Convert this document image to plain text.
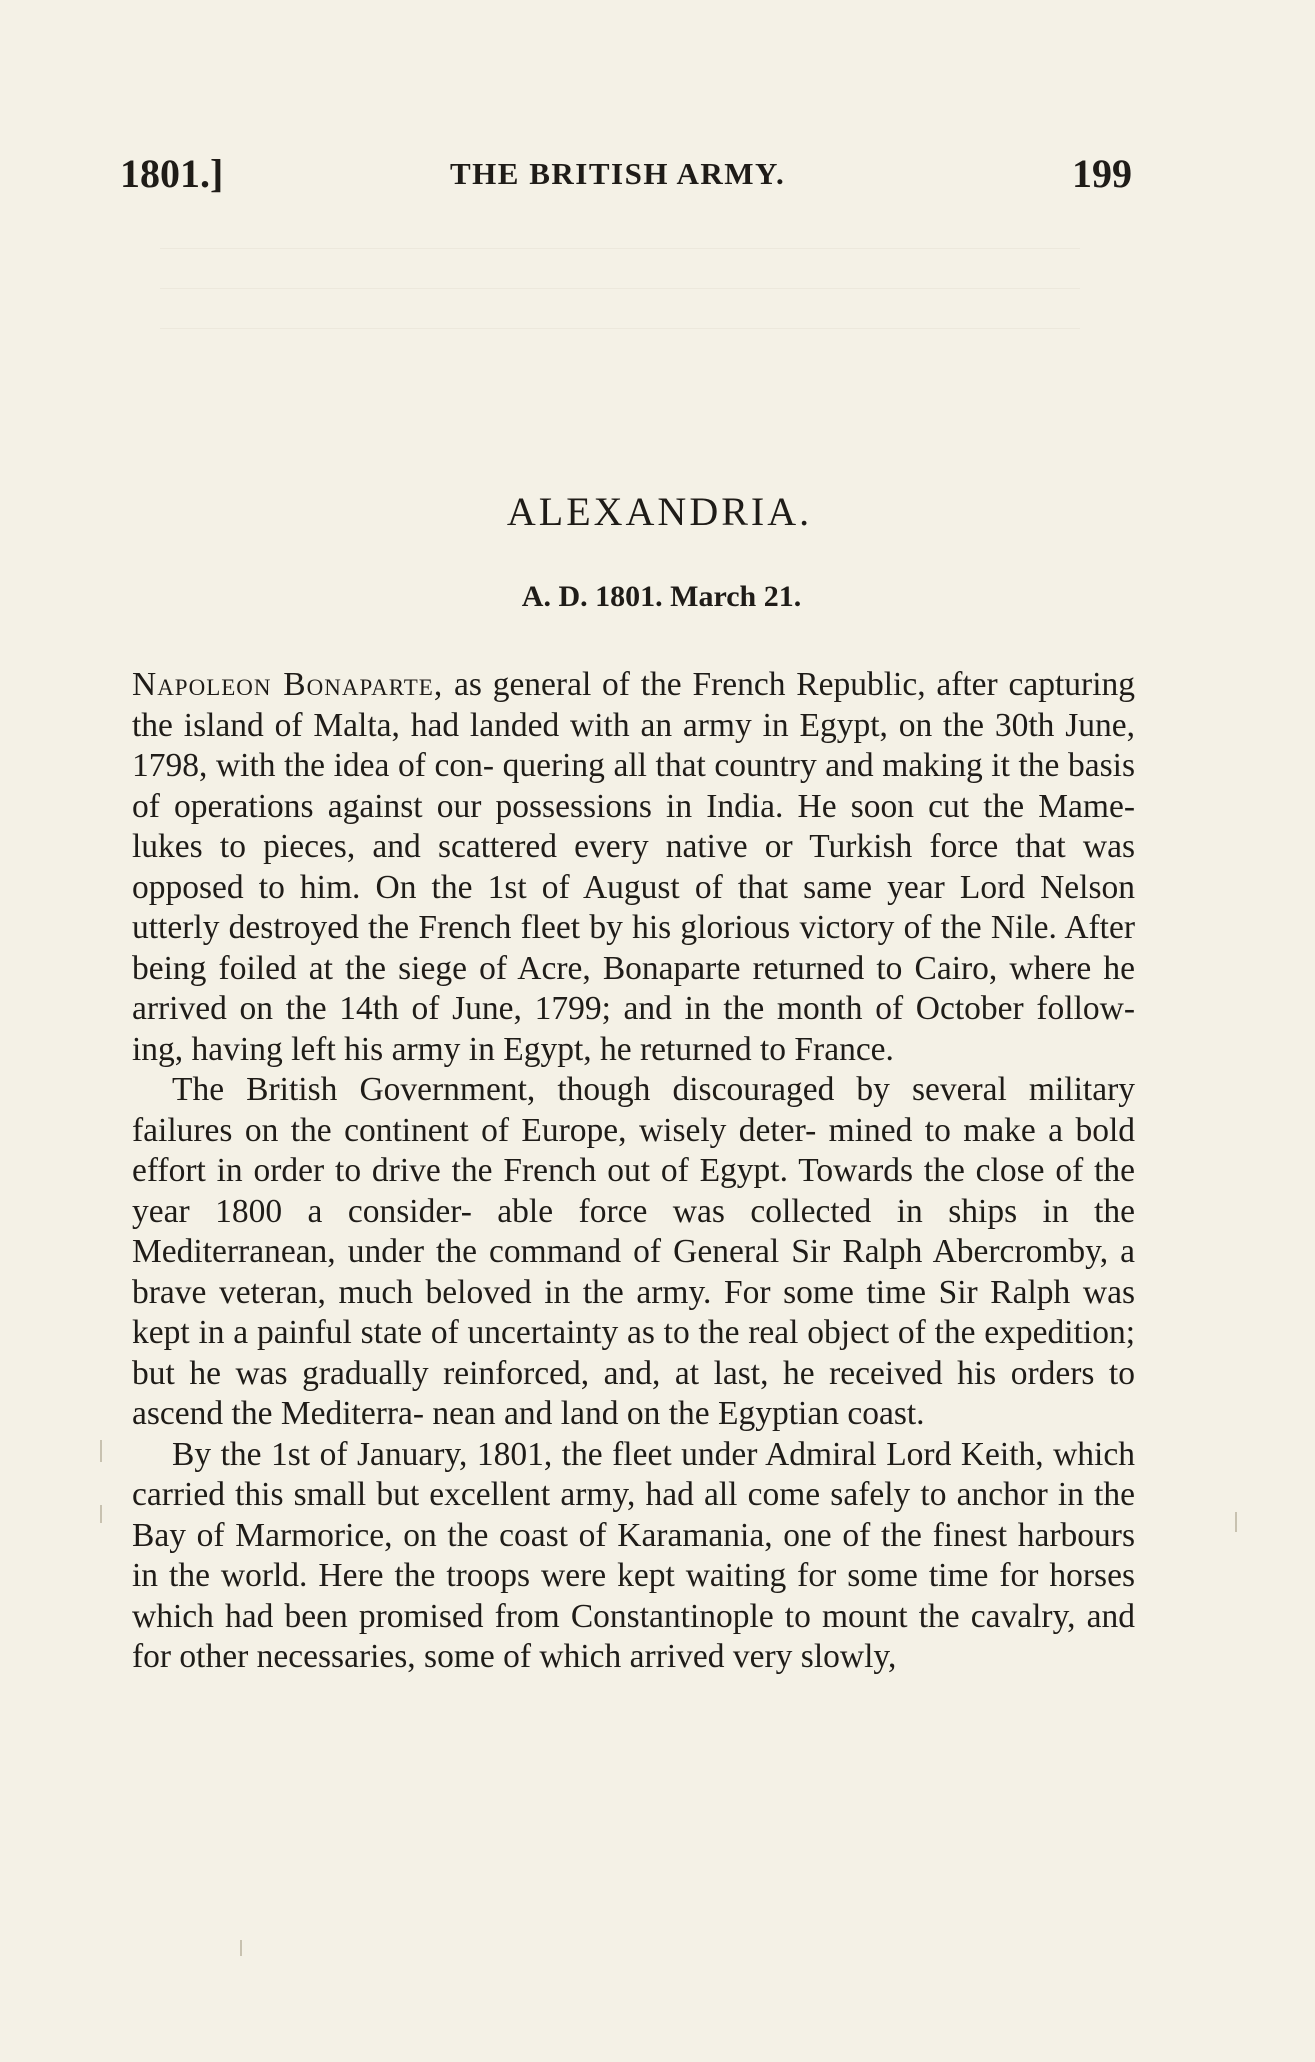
1801.]	THE BRITISH ARMY.	199
ALEXANDRIA.
A. D. 1801. March 21.

Napoleon Bonaparte, as general of the French Republic, after capturing the island of Malta, had landed with an army in Egypt, on the 30th June, 1798, with the idea of con- quering all that country and making it the basis of operations against our possessions in India. He soon cut the Mame- lukes to pieces, and scattered every native or Turkish force that was opposed to him. On the 1st of August of that same year Lord Nelson utterly destroyed the French fleet by his glorious victory of the Nile. After being foiled at the siege of Acre, Bonaparte returned to Cairo, where he arrived on the 14th of June, 1799; and in the month of October follow- ing, having left his army in Egypt, he returned to France.

The British Government, though discouraged by several military failures on the continent of Europe, wisely deter- mined to make a bold effort in order to drive the French out of Egypt. Towards the close of the year 1800 a consider- able force was collected in ships in the Mediterranean, under the command of General Sir Ralph Abercromby, a brave veteran, much beloved in the army. For some time Sir Ralph was kept in a painful state of uncertainty as to the real object of the expedition; but he was gradually reinforced, and, at last, he received his orders to ascend the Mediterra- nean and land on the Egyptian coast.

By the 1st of January, 1801, the fleet under Admiral Lord Keith, which carried this small but excellent army, had all come safely to anchor in the Bay of Marmorice, on the coast of Karamania, one of the finest harbours in the world. Here the troops were kept waiting for some time for horses which had been promised from Constantinople to mount the cavalry, and for other necessaries, some of which arrived very slowly,
